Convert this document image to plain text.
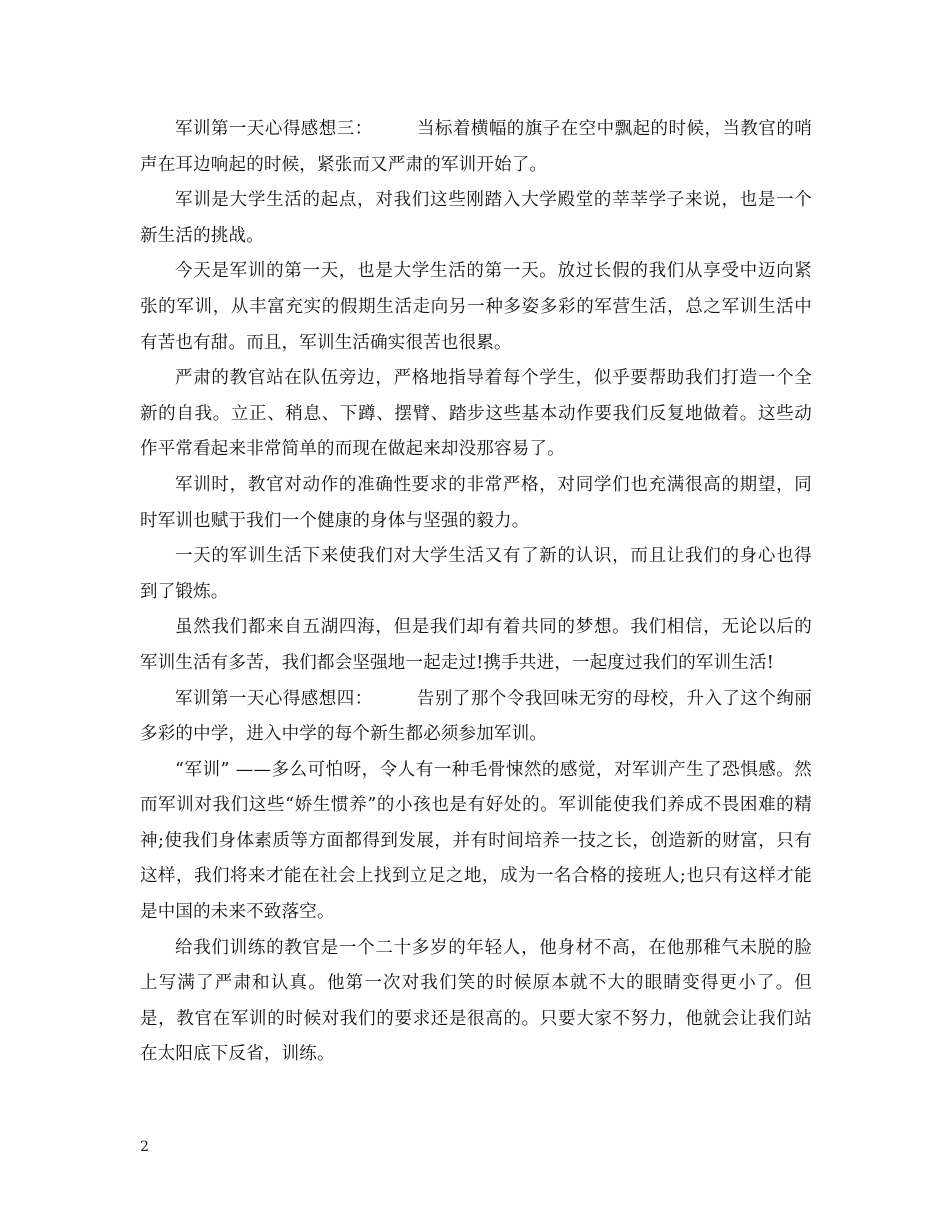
军训第一天心得感想三：	当标着横幅的旗子在空中飘起的时候，当教官的哨声在耳边响起的时候，紧张而又严肃的军训开始了。

军训是大学生活的起点，对我们这些刚踏入大学殿堂的莘莘学子来说，也是一个新生活的挑战。

今天是军训的第一天，也是大学生活的第一天。放过长假的我们从享受中迈向紧张的军训，从丰富充实的假期生活走向另一种多姿多彩的军营生活，总之军训生活中有苦也有甜。而且，军训生活确实很苦也很累。

严肃的教官站在队伍旁边，严格地指导着每个学生，似乎要帮助我们打造一个全新的自我。立正、稍息、下蹲、摆臂、踏步这些基本动作要我们反复地做着。这些动作平常看起来非常简单的而现在做起来却没那容易了。

军训时，教官对动作的准确性要求的非常严格，对同学们也充满很高的期望，同时军训也赋于我们一个健康的身体与坚强的毅力。

一天的军训生活下来使我们对大学生活又有了新的认识，而且让我们的身心也得到了锻炼。

虽然我们都来自五湖四海，但是我们却有着共同的梦想。我们相信，无论以后的军训生活有多苦，我们都会坚强地一起走过!携手共进，一起度过我们的军训生活!

军训第一天心得感想四：	告别了那个令我回味无穷的母校，升入了这个绚丽多彩的中学，进入中学的每个新生都必须参加军训。

“军训” ——多么可怕呀，令人有一种毛骨悚然的感觉，对军训产生了恐惧感。然而军训对我们这些“娇生惯养”的小孩也是有好处的。军训能使我们养成不畏困难的精神;使我们身体素质等方面都得到发展，并有时间培养一技之长，创造新的财富，只有这样，我们将来才能在社会上找到立足之地，成为一名合格的接班人;也只有这样才能是中国的未来不致落空。

给我们训练的教官是一个二十多岁的年轻人，他身材不高，在他那稚气未脱的脸上写满了严肃和认真。他第一次对我们笑的时候原本就不大的眼睛变得更小了。但是，教官在军训的时候对我们的要求还是很高的。只要大家不努力，他就会让我们站在太阳底下反省，训练。

2
